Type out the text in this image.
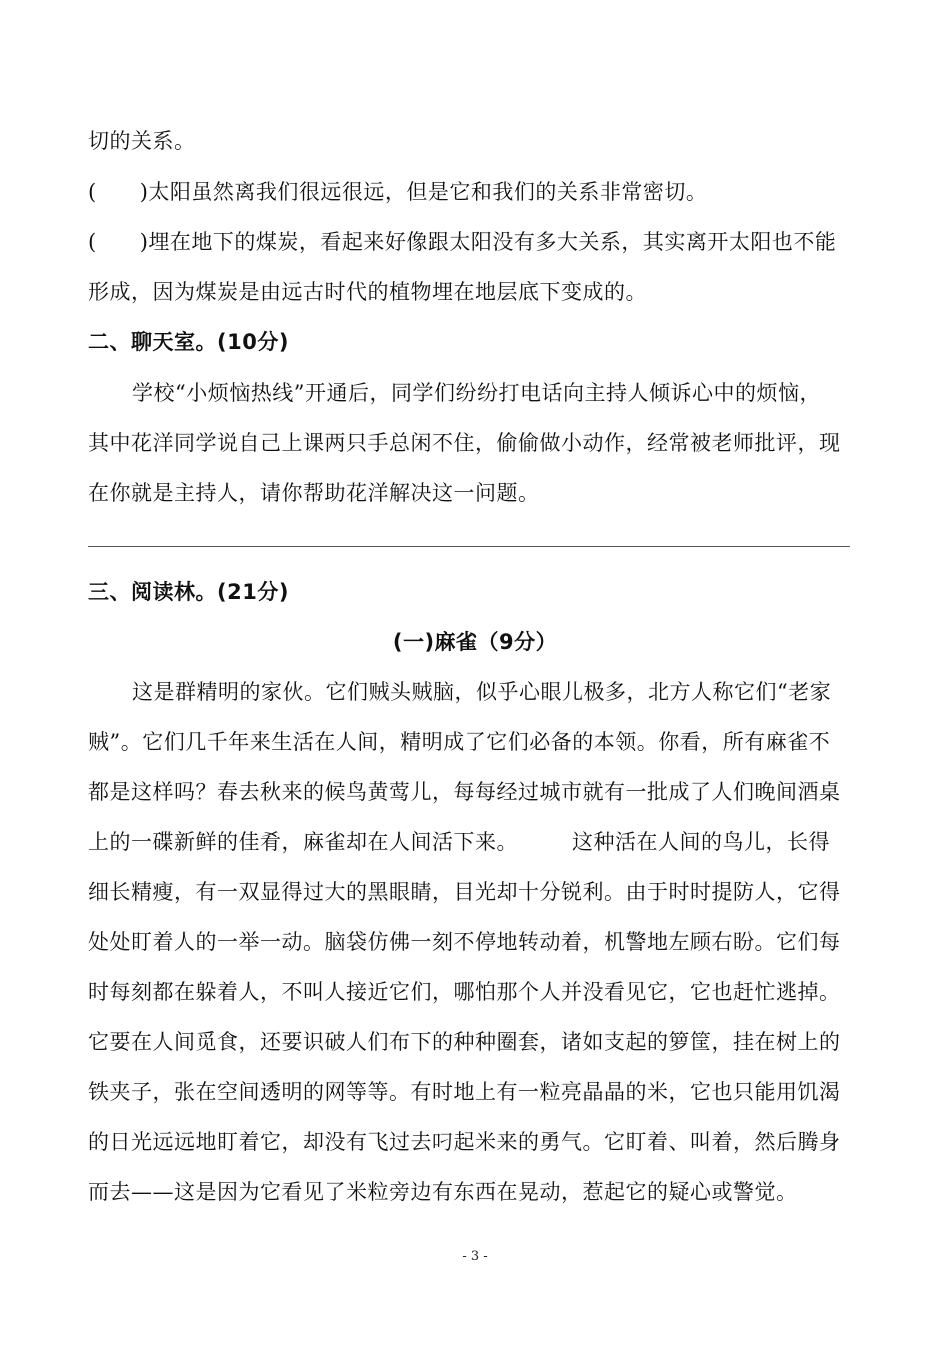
切的关系。
(　　)太阳虽然离我们很远很远，但是它和我们的关系非常密切。
(　　)埋在地下的煤炭，看起来好像跟太阳没有多大关系，其实离开太阳也不能
形成，因为煤炭是由远古时代的植物埋在地层底下变成的。
二、聊天室。(10分)
学校“小烦恼热线”开通后，同学们纷纷打电话向主持人倾诉心中的烦恼，
其中花洋同学说自己上课两只手总闲不住，偷偷做小动作，经常被老师批评，现
在你就是主持人，请你帮助花洋解决这一问题。
三、阅读林。(21分)
(一)麻雀（9分）
这是群精明的家伙。它们贼头贼脑，似乎心眼儿极多，北方人称它们“老家
贼”。它们几千年来生活在人间，精明成了它们必备的本领。你看，所有麻雀不
都是这样吗？春去秋来的候鸟黄莺儿，每每经过城市就有一批成了人们晚间酒桌
上的一碟新鲜的佳肴，麻雀却在人间活下来。　　　这种活在人间的鸟儿，长得
细长精瘦，有一双显得过大的黑眼睛，目光却十分锐利。由于时时提防人，它得
处处盯着人的一举一动。脑袋仿佛一刻不停地转动着，机警地左顾右盼。它们每
时每刻都在躲着人，不叫人接近它们，哪怕那个人并没看见它，它也赶忙逃掉。
它要在人间觅食，还要识破人们布下的种种圈套，诸如支起的箩筐，挂在树上的
铁夹子，张在空间透明的网等等。有时地上有一粒亮晶晶的米，它也只能用饥渴
的日光远远地盯着它，却没有飞过去叼起米来的勇气。它盯着、叫着，然后腾身
而去——这是因为它看见了米粒旁边有东西在晃动，惹起它的疑心或警觉。
- 3 -
